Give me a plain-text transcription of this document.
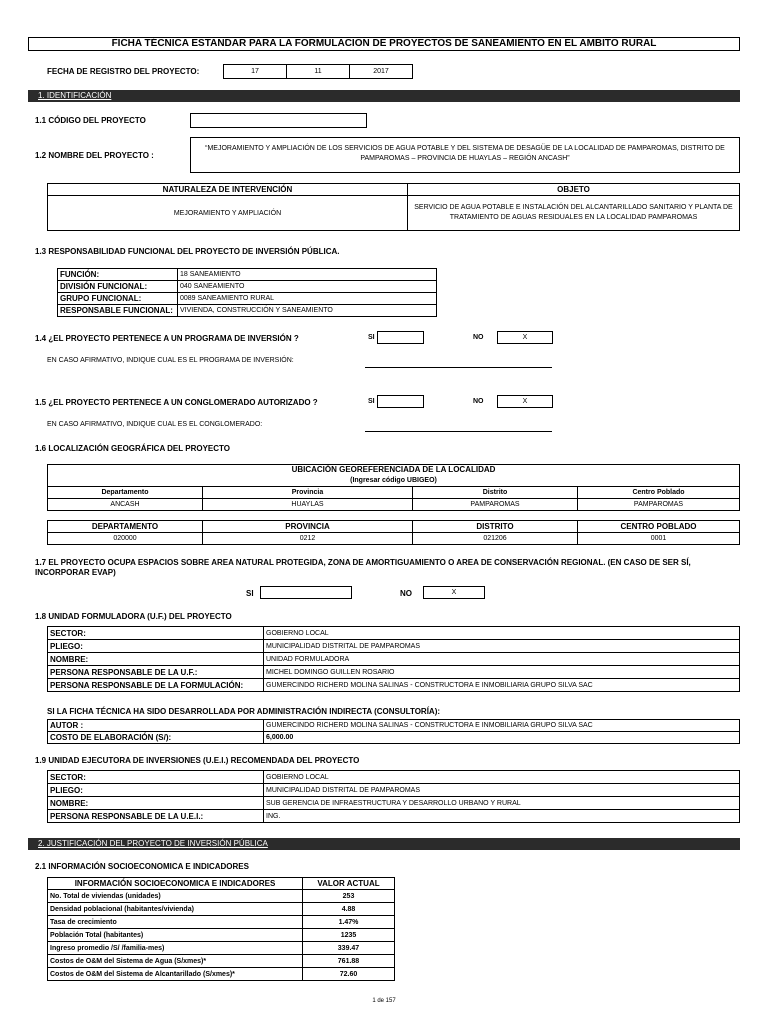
FICHA TÉCNICA ESTANDAR PARA LA FORMULACION DE PROYECTOS DE SANEAMIENTO EN EL AMBITO RURAL
FECHA DE REGISTRO DEL PROYECTO:	17	11	2017
1. IDENTIFICACIÓN
1.1 CÓDIGO DEL PROYECTO
1.2 NOMBRE DEL PROYECTO :
“MEJORAMIENTO Y AMPLIACIÓN DE LOS SERVICIOS DE AGUA POTABLE Y DEL SISTEMA DE DESAGÜE DE LA LOCALIDAD DE PAMPAROMAS, DISTRITO DE PAMPAROMAS – PROVINCIA DE HUAYLAS – REGIÓN ANCASH”
NATURALEZA DE INTERVENCIÓN	OBJETO
MEJORAMIENTO Y AMPLIACIÓN	SERVICIO DE AGUA POTABLE E INSTALACIÓN DEL ALCANTARILLADO SANITARIO Y PLANTA DE TRATAMIENTO DE AGUAS RESIDUALES EN LA LOCALIDAD PAMPAROMAS
1.3 RESPONSABILIDAD FUNCIONAL DEL PROYECTO DE INVERSIÓN PÚBLICA.
FUNCIÓN:	18 SANEAMIENTO
DIVISIÓN FUNCIONAL:	040 SANEAMIENTO
GRUPO FUNCIONAL:	0089 SANEAMIENTO RURAL
RESPONSABLE FUNCIONAL:	VIVIENDA, CONSTRUCCIÓN Y SANEAMIENTO
1.4 ¿EL PROYECTO PERTENECE A UN PROGRAMA DE INVERSIÓN ?	SI	NO	X
EN CASO AFIRMATIVO, INDIQUE CUAL ES EL PROGRAMA DE INVERSIÓN:
1.5 ¿EL PROYECTO PERTENECE A UN CONGLOMERADO AUTORIZADO ?	SI	NO	X
EN CASO AFIRMATIVO, INDIQUE CUAL ES EL CONGLOMERADO:
1.6 LOCALIZACIÓN GEOGRÁFICA DEL PROYECTO
UBICACIÓN GEOREFERENCIADA DE LA LOCALIDAD
(Ingresar código UBIGEO)			
Departamento	Provincia	Distrito	Centro Poblado
ANCASH	HUAYLAS	PAMPAROMAS	PAMPAROMAS
DEPARTAMENTO	PROVINCIA	DISTRITO	CENTRO POBLADO
020000	0212	021206	0001
1.7 EL PROYECTO OCUPA ESPACIOS SOBRE AREA NATURAL PROTEGIDA, ZONA DE AMORTIGUAMIENTO O AREA DE CONSERVACIÓN REGIONAL. (EN CASO DE SER SÍ, INCORPORAR EVAP)
SI	NO	X
1.8 UNIDAD FORMULADORA (U.F.) DEL PROYECTO
SECTOR:	GOBIERNO LOCAL
PLIEGO:	MUNICIPALIDAD DISTRITAL DE PAMPAROMAS
NOMBRE:	UNIDAD FORMULADORA
PERSONA RESPONSABLE DE LA U.F.:	MICHEL DOMINGO GUILLEN ROSARIO
PERSONA RESPONSABLE DE LA FORMULACIÓN:	GUMERCINDO RICHERD MOLINA SALINAS - CONSTRUCTORA E INMOBILIARIA GRUPO SILVA SAC
SI LA FICHA TÉCNICA HA SIDO DESARROLLADA POR ADMINISTRACIÓN INDIRECTA (CONSULTORÍA):
AUTOR :	GUMERCINDO RICHERD MOLINA SALINAS - CONSTRUCTORA E INMOBILIARIA GRUPO SILVA SAC
COSTO DE ELABORACIÓN (S/):	6,000.00
1.9 UNIDAD EJECUTORA DE INVERSIONES (U.E.I.) RECOMENDADA DEL PROYECTO
SECTOR:	GOBIERNO LOCAL
PLIEGO:	MUNICIPALIDAD DISTRITAL DE PAMPAROMAS
NOMBRE:	SUB GERENCIA DE INFRAESTRUCTURA Y DESARROLLO URBANO Y RURAL
PERSONA RESPONSABLE DE LA U.E.I.:	ING.
2. JUSTIFICACIÓN DEL PROYECTO DE INVERSIÓN PÚBLICA
2.1 INFORMACIÓN SOCIOECONOMICA E INDICADORES
INFORMACIÓN SOCIOECONOMICA E INDICADORES	VALOR ACTUAL
No. Total de viviendas (unidades)	253
Densidad poblacional (habitantes/vivienda)	4.88
Tasa de crecimiento	1.47%
Población Total (habitantes)	1235
Ingreso promedio /S/ /familia-mes)	339.47
Costos de O&M del Sistema de Agua (S/xmes)*	761.88
Costos de O&M del Sistema de Alcantarillado (S/xmes)*	72.60
1 de 157
